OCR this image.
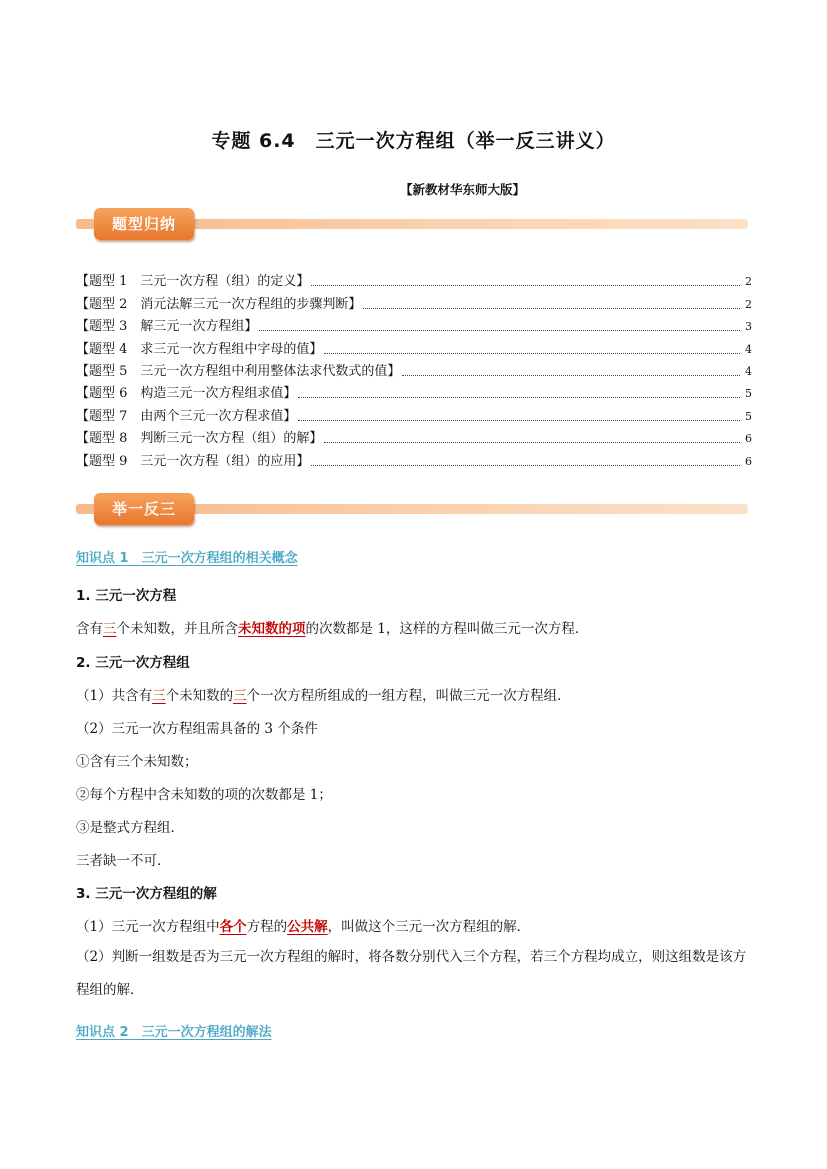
专题 6.4　三元一次方程组（举一反三讲义）
【新教材华东师大版】
题型归纳
【题型 1　三元一次方程（组）的定义】	2
【题型 2　消元法解三元一次方程组的步骤判断】	2
【题型 3　解三元一次方程组】	3
【题型 4　求三元一次方程组中字母的值】	4
【题型 5　三元一次方程组中利用整体法求代数式的值】	4
【题型 6　构造三元一次方程组求值】	5
【题型 7　由两个三元一次方程求值】	5
【题型 8　判断三元一次方程（组）的解】	6
【题型 9　三元一次方程（组）的应用】	6
举一反三
知识点 1　三元一次方程组的相关概念
1. 三元一次方程
含有三个未知数，并且所含未知数的项的次数都是 1，这样的方程叫做三元一次方程．
2. 三元一次方程组
（1）共含有三个未知数的三个一次方程所组成的一组方程，叫做三元一次方程组．
（2）三元一次方程组需具备的 3 个条件
①含有三个未知数；
②每个方程中含未知数的项的次数都是 1；
③是整式方程组．
三者缺一不可．
3. 三元一次方程组的解
（1）三元一次方程组中各个方程的公共解，叫做这个三元一次方程组的解．
（2）判断一组数是否为三元一次方程组的解时，将各数分别代入三个方程，若三个方程均成立，则这组数是该方程组的解．
知识点 2　三元一次方程组的解法
